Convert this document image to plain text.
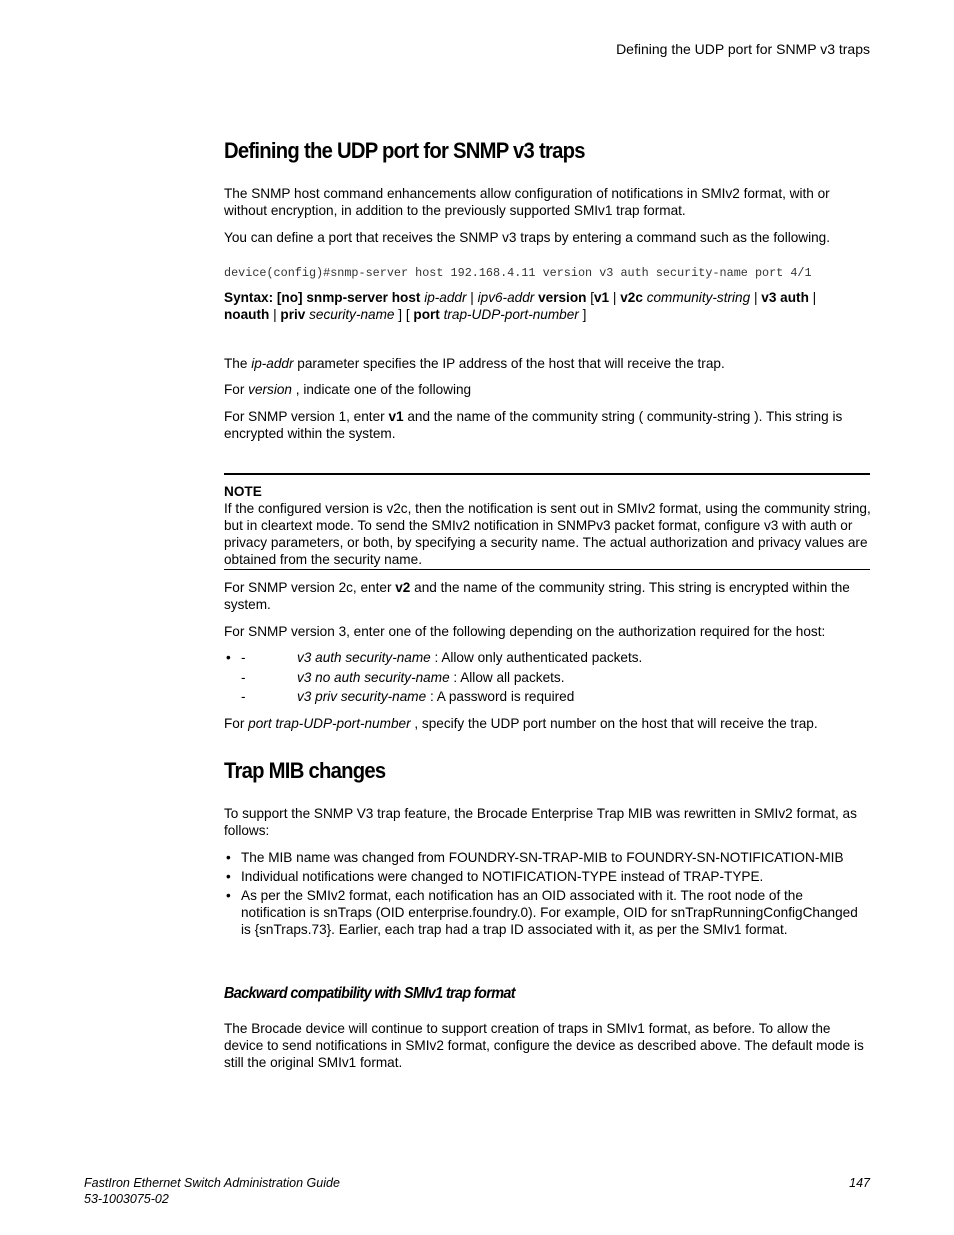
Defining the UDP port for SNMP v3 traps
Defining the UDP port for SNMP v3 traps
The SNMP host command enhancements allow configuration of notifications in SMIv2 format, with or without encryption, in addition to the previously supported SMIv1 trap format.
You can define a port that receives the SNMP v3 traps by entering a command such as the following.
device(config)#snmp-server host 192.168.4.11 version v3 auth security-name port 4/1
Syntax: [no] snmp-server host ip-addr | ipv6-addr version [v1 | v2c community-string | v3 auth |
noauth | priv security-name ] [ port trap-UDP-port-number ]
The ip-addr parameter specifies the IP address of the host that will receive the trap.
For version , indicate one of the following
For SNMP version 1, enter v1 and the name of the community string ( community-string ). This string is encrypted within the system.
NOTE
If the configured version is v2c, then the notification is sent out in SMIv2 format, using the community string, but in cleartext mode. To send the SMIv2 notification in SNMPv3 packet format, configure v3 with auth or privacy parameters, or both, by specifying a security name. The actual authorization and privacy values are obtained from the security name.
For SNMP version 2c, enter v2 and the name of the community string. This string is encrypted within the system.
For SNMP version 3, enter one of the following depending on the authorization required for the host:
• -	v3 auth security-name : Allow only authenticated packets.
-	v3 no auth security-name : Allow all packets.
-	v3 priv security-name : A password is required
For port trap-UDP-port-number , specify the UDP port number on the host that will receive the trap.
Trap MIB changes
To support the SNMP V3 trap feature, the Brocade Enterprise Trap MIB was rewritten in SMIv2 format, as follows:
• The MIB name was changed from FOUNDRY-SN-TRAP-MIB to FOUNDRY-SN-NOTIFICATION-MIB
• Individual notifications were changed to NOTIFICATION-TYPE instead of TRAP-TYPE.
• As per the SMIv2 format, each notification has an OID associated with it. The root node of the notification is snTraps (OID enterprise.foundry.0). For example, OID for snTrapRunningConfigChanged is {snTraps.73}. Earlier, each trap had a trap ID associated with it, as per the SMIv1 format.
Backward compatibility with SMIv1 trap format
The Brocade device will continue to support creation of traps in SMIv1 format, as before. To allow the device to send notifications in SMIv2 format, configure the device as described above. The default mode is still the original SMIv1 format.
FastIron Ethernet Switch Administration Guide
53-1003075-02
147
